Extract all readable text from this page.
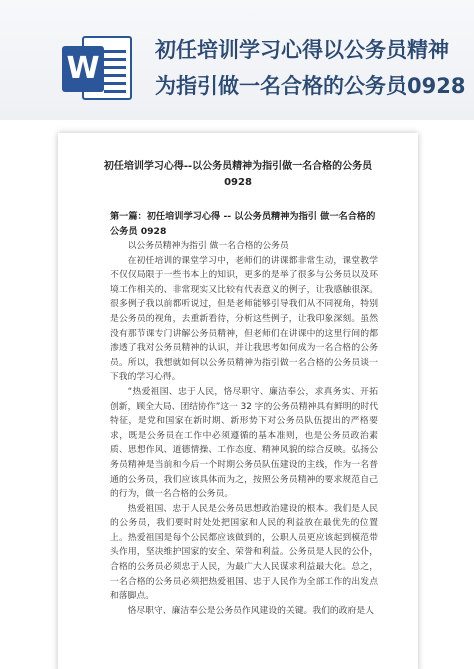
W
初任培训学习心得以公务员精神为指引做一名合格的公务员0928
初任培训学习心得--以公务员精神为指引做一名合格的公务员0928
第一篇：初任培训学习心得 -- 以公务员精神为指引 做一名合格的公务员 0928

以公务员精神为指引 做一名合格的公务员

在初任培训的课堂学习中，老师们的讲课都非常生动，课堂教学不仅仅局限于一些书本上的知识，更多的是举了很多与公务员以及环境工作相关的、非常现实又比较有代表意义的例子，让我感触很深。很多例子我以前都听说过，但是老师能够引导我们从不同视角，特别是公务员的视角，去重新看待，分析这些例子，让我印象深刻。虽然没有那节课专门讲解公务员精神，但老师们在讲课中的这里行间的都渗透了我对公务员精神的认识，并让我思考如何成为一名合格的公务员。所以，我想就如何以公务员精神为指引做一名合格的公务员谈一下我的学习心得。

“热爱祖国、忠于人民，恪尽职守、廉洁奉公，求真务实、开拓创新，顾全大局、团结协作”这一 32 字的公务员精神具有鲜明的时代特征，是党和国家在新时期、新形势下对公务员队伍提出的严格要求，既是公务员在工作中必须遵循的基本准则，也是公务员政治素质、思想作风、道德情操、工作态度、精神风貌的综合反映。弘扬公务员精神是当前和今后一个时期公务员队伍建设的主线，作为一名普通的公务员，我们应该具体而为之，按照公务员精神的要求规范自己的行为，做一名合格的公务员。

热爱祖国、忠于人民是公务员思想政治建设的根本。我们是人民的公务员，我们要时时处处把国家和人民的利益放在最优先的位置上。热爱祖国是每个公民都应该做到的，公职人员更应该起到模范带头作用，坚决维护国家的安全、荣誉和利益。公务员是人民的公仆，合格的公务员必须忠于人民，为最广大人民谋求利益最大化。总之，一名合格的公务员必须把热爱祖国、忠于人民作为全部工作的出发点和落脚点。

恪尽职守、廉洁奉公是公务员作风建设的关键。我们的政府是人
